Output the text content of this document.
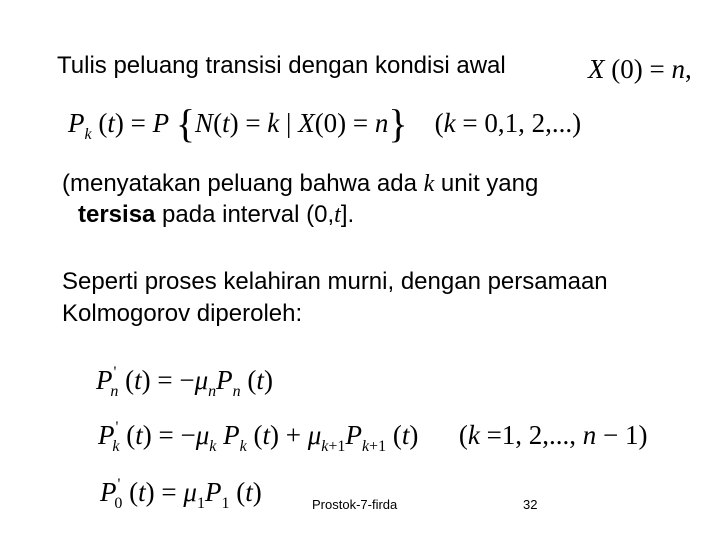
Tulis peluang transisi dengan kondisi awal	X (0) = n,
$P_k$ (t) = P {N(t) = k | X(0) = n}    (k = 0,1, 2,...)
(menyatakan peluang bahwa ada k unit yang
tersisa pada interval (0,t].
Seperti proses kelahiran murni, dengan persamaan
Kolmogorov diperoleh:
$P'_n$ $(t) = -\mu_nP_n$ (t)
$P'_k$ $(t) = -\mu_k$ $P_k$ $(t) + \mu_{k+1}P_{k+1}$ (t)      (k =1, 2,..., n − 1)
$P'_0$ $(t) = \mu_1P_1$ (t)	Prostok-7-firda	32
